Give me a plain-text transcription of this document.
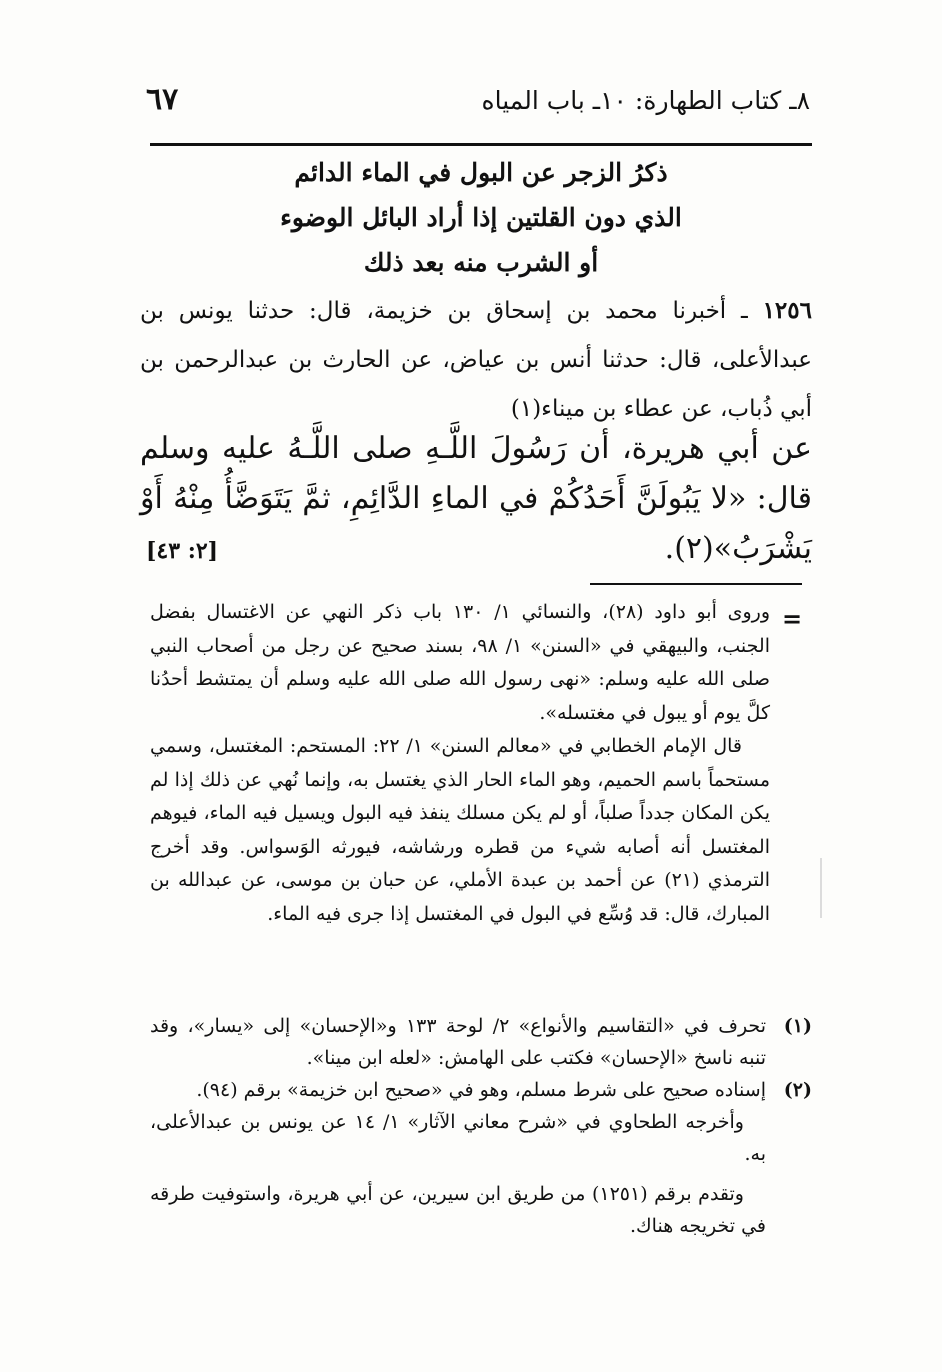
٨ـ كتاب الطهارة: ١٠ـ باب المياه
٦٧
ذكرُ الزجر عن البول في الماء الدائم
الذي دون القلتين إذا أراد البائل الوضوء
أو الشرب منه بعد ذلك
١٢٥٦ ـ أخبرنا محمد بن إسحاق بن خزيمة، قال: حدثنا يونس بن عبدالأعلى، قال: حدثنا أنس بن عياض، عن الحارث بن عبدالرحمن بن أبي ذُباب، عن عطاء بن ميناء(١)
عن أبي هريرة، أن رَسُولَ اللَّـهِ صلى اللَّـهُ عليه وسلم قال: «لا يَبُولَنَّ أَحَدُكُمْ في الماءِ الدَّائِمِ، ثمَّ يَتَوَضَّأُ مِنْهُ أَوْ يَشْرَبُ»(٢).
[٢: ٤٣]
=

وروى أبو داود (٢٨)، والنسائي ١/ ١٣٠ باب ذكر النهي عن الاغتسال بفضل الجنب، والبيهقي في «السنن» ١/ ٩٨، بسند صحيح عن رجل من أصحاب النبي صلى الله عليه وسلم: «نهى رسول الله صلى الله عليه وسلم أن يمتشط أحدُنا كلَّ يوم أو يبول في مغتسله».

قال الإمام الخطابي في «معالم السنن» ١/ ٢٢: المستحم: المغتسل، وسمي مستحماً باسم الحميم، وهو الماء الحار الذي يغتسل به، وإنما نُهي عن ذلك إذا لم يكن المكان جدداً صلباً، أو لم يكن مسلك ينفذ فيه البول ويسيل فيه الماء، فيوهم المغتسل أنه أصابه شيء من قطره ورشاشه، فيورثه الوَسواس. وقد أخرج الترمذي (٢١) عن أحمد بن عبدة الأملي، عن حبان بن موسى، عن عبدالله بن المبارك، قال: قد وُسِّع في البول في المغتسل إذا جرى فيه الماء.

(١)

تحرف في «التقاسيم والأنواع» ٢/ لوحة ١٣٣ و«الإحسان» إلى «يسار»، وقد تنبه ناسخ «الإحسان» فكتب على الهامش: «لعله ابن مينا».

(٢)

إسناده صحيح على شرط مسلم، وهو في «صحيح ابن خزيمة» برقم (٩٤).

وأخرجه الطحاوي في «شرح معاني الآثار» ١/ ١٤ عن يونس بن عبدالأعلى، به.

وتقدم برقم (١٢٥١) من طريق ابن سيرين، عن أبي هريرة، واستوفيت طرقه في تخريجه هناك.
